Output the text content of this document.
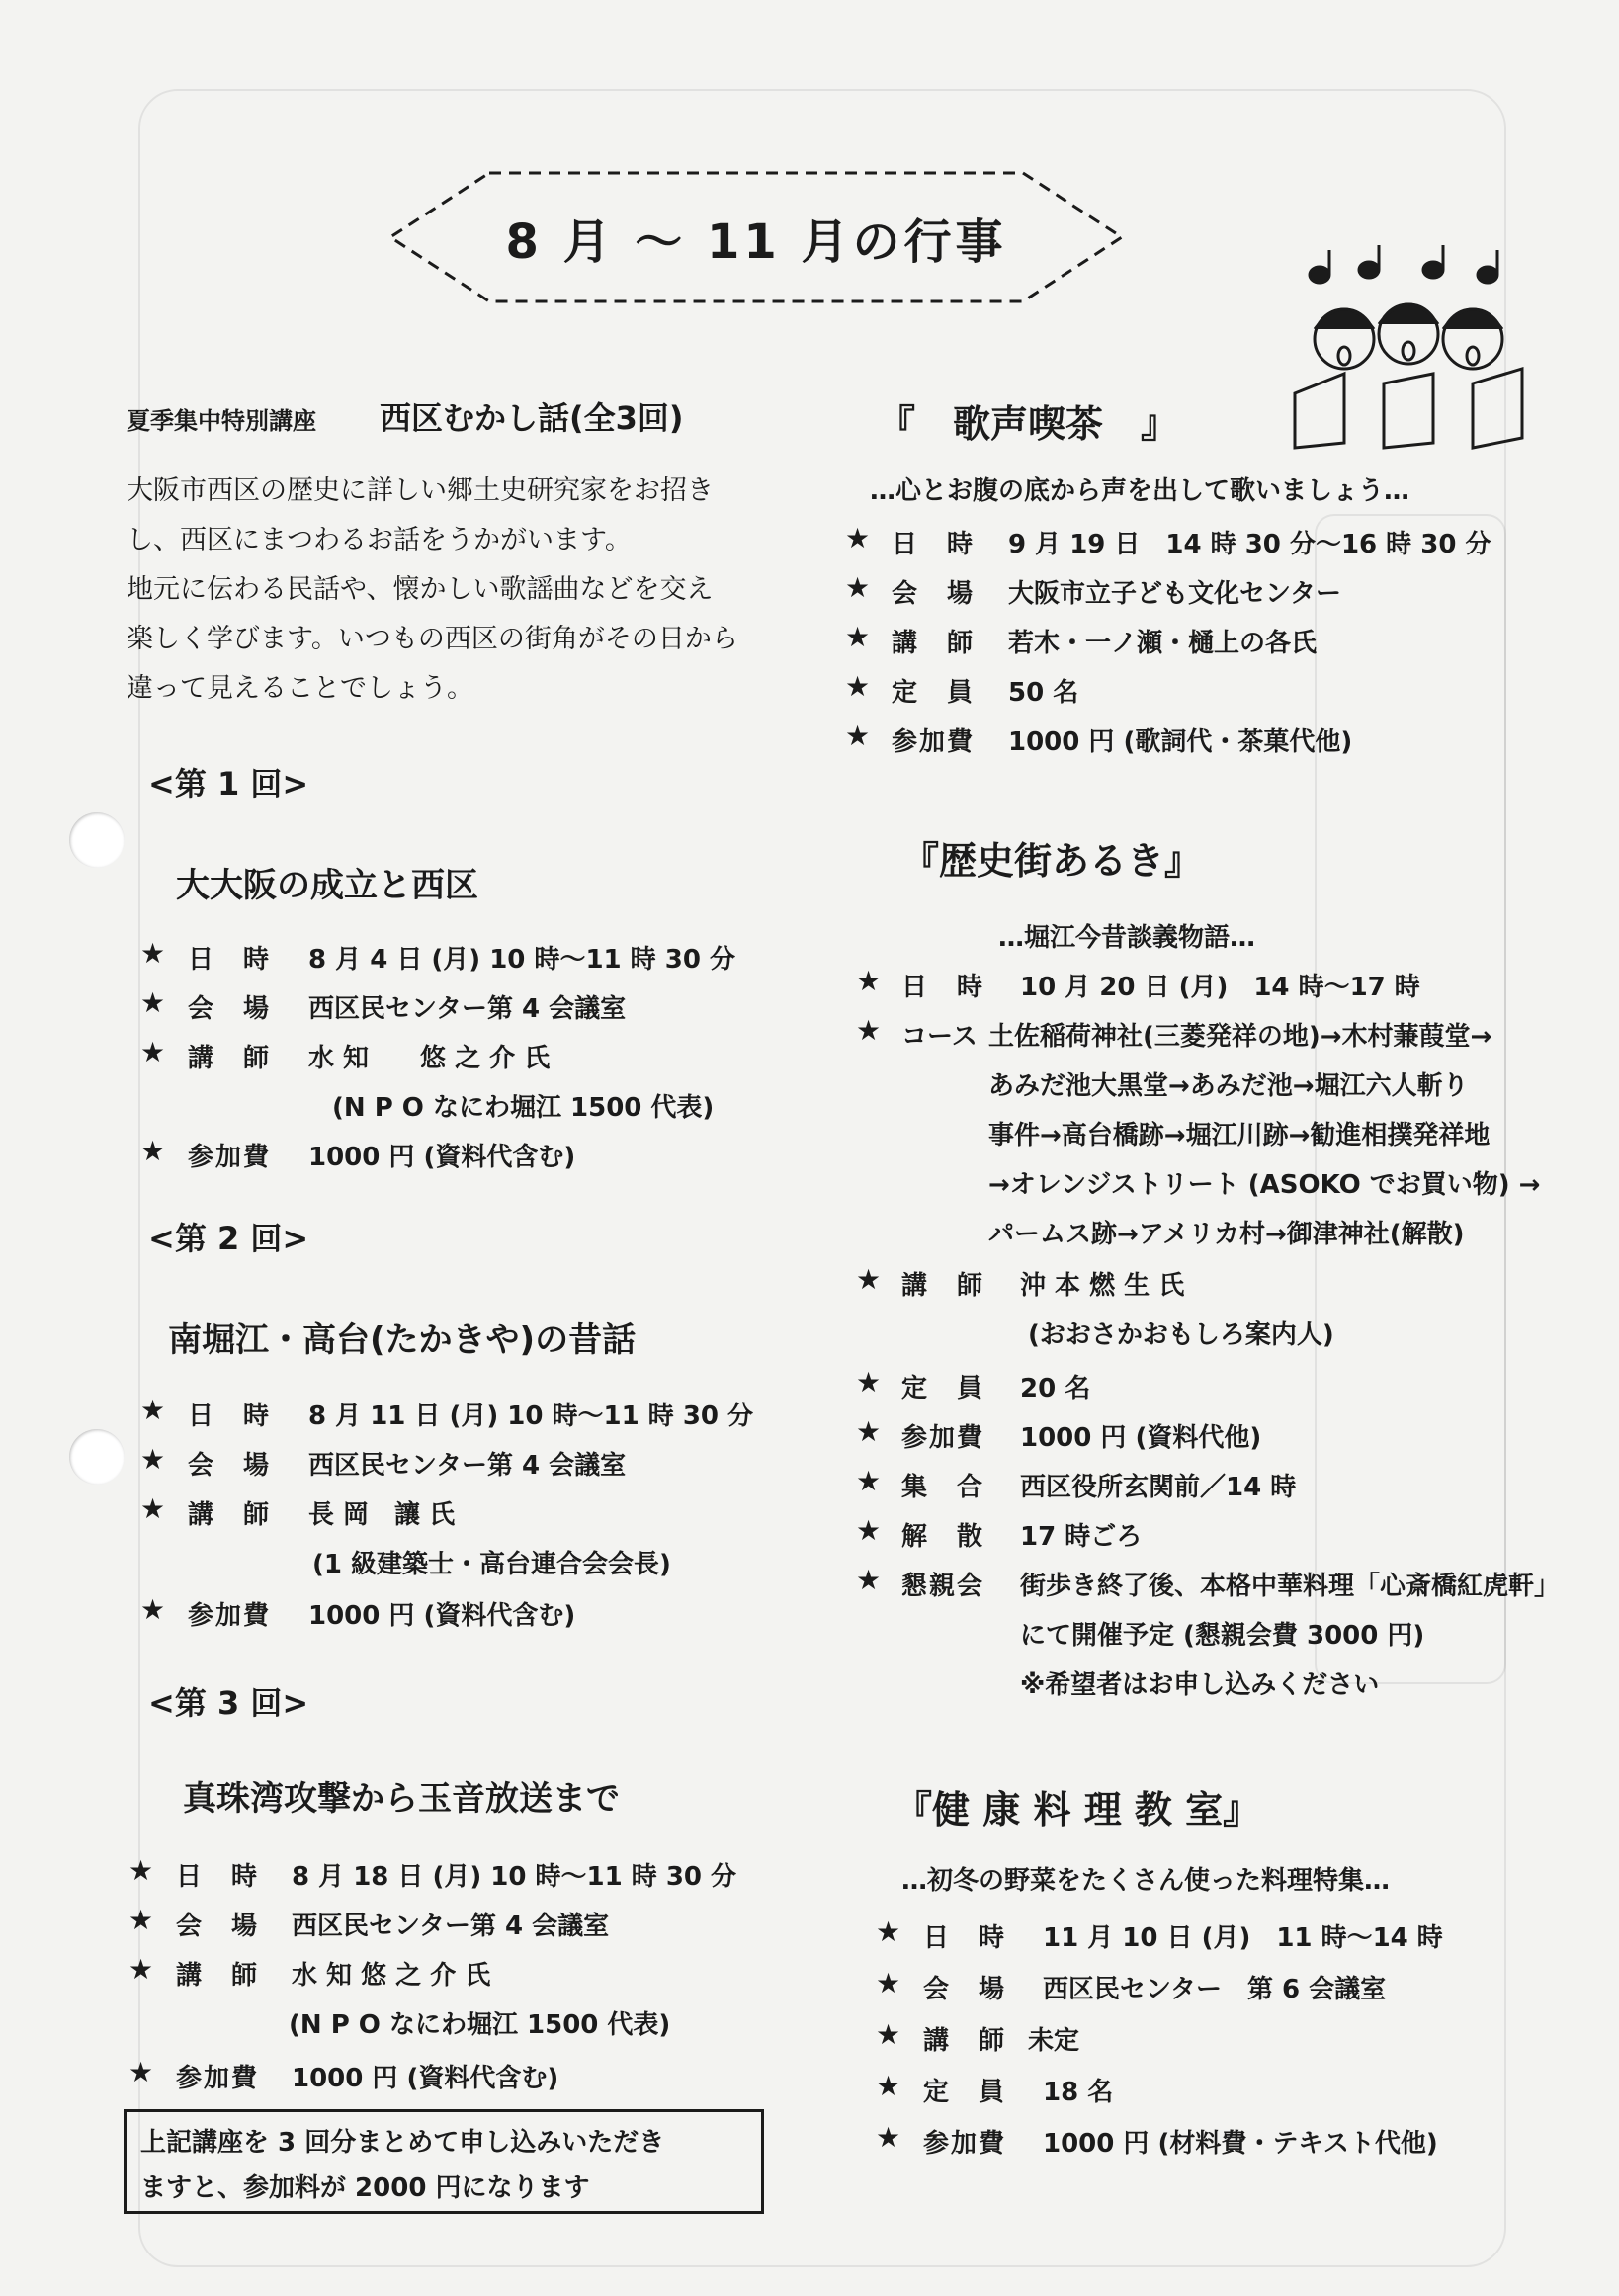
8 月 ～ 11 月の行事
夏季集中特別講座 西区むかし話(全3回)
大阪市西区の歴史に詳しい郷土史研究家をお招き
し、西区にまつわるお話をうかがいます。
地元に伝わる民話や、懐かしい歌謡曲などを交え
楽しく学びます。いつもの西区の街角がその日から
違って見えることでしょう。
<第 1 回>
大大阪の成立と西区
★ 日　時 8 月 4 日 (月) 10 時～11 時 30 分
★ 会　場 西区民センター第 4 会議室
★ 講　師 水 知　　悠 之 介 氏
(N P O なにわ堀江 1500 代表)
★ 参加費 1000 円 (資料代含む)
<第 2 回>
南堀江・高台(たかきや)の昔話
★ 日　時 8 月 11 日 (月) 10 時～11 時 30 分
★ 会　場 西区民センター第 4 会議室
★ 講　師 長 岡　讓 氏
(1 級建築士・高台連合会会長)
★ 参加費 1000 円 (資料代含む)
<第 3 回>
真珠湾攻撃から玉音放送まで
★ 日　時 8 月 18 日 (月) 10 時～11 時 30 分
★ 会　場 西区民センター第 4 会議室
★ 講　師 水 知 悠 之 介 氏
(N P O なにわ堀江 1500 代表)
★ 参加費 1000 円 (資料代含む)
上記講座を 3 回分まとめて申し込みいただき
ますと、参加料が 2000 円になります
『　歌声喫茶　』
…心とお腹の底から声を出して歌いましょう…
★ 日　時 9 月 19 日　14 時 30 分～16 時 30 分
★ 会　場 大阪市立子ども文化センター
★ 講　師 若木・一ノ瀬・樋上の各氏
★ 定　員 50 名
★ 参加費 1000 円 (歌詞代・茶菓代他)
『歴史街あるき』
…堀江今昔談義物語…
★ 日　時 10 月 20 日 (月)　14 時～17 時
★ コース 土佐稲荷神社(三菱発祥の地)→木村蒹葭堂→
あみだ池大黒堂→あみだ池→堀江六人斬り
事件→高台橋跡→堀江川跡→勧進相撲発祥地
→オレンジストリート (ASOKO でお買い物) →
パームス跡→アメリカ村→御津神社(解散)
★ 講　師 沖 本 燃 生 氏
(おおさかおもしろ案内人)
★ 定　員 20 名
★ 参加費 1000 円 (資料代他)
★ 集　合 西区役所玄関前／14 時
★ 解　散 17 時ごろ
★ 懇親会 街歩き終了後、本格中華料理「心斎橋紅虎軒」
にて開催予定 (懇親会費 3000 円)
※希望者はお申し込みください
『健 康 料 理 教 室』
…初冬の野菜をたくさん使った料理特集…
★ 日　時 11 月 10 日 (月)　11 時～14 時
★ 会　場 西区民センター　第 6 会議室
★ 講　師 未定
★ 定　員 18 名
★ 参加費 1000 円 (材料費・テキスト代他)
